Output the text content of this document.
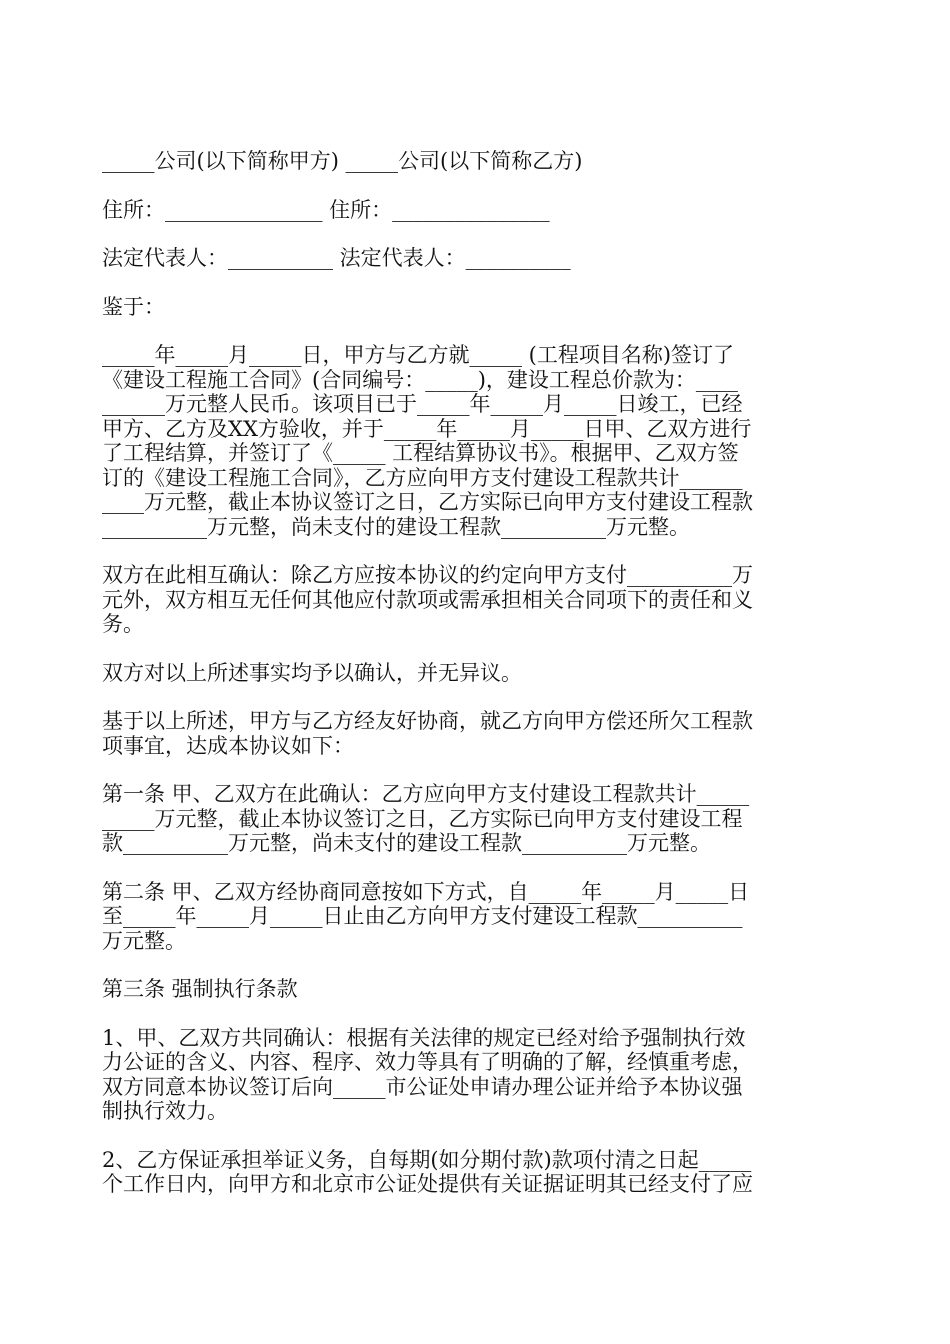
_____公司(以下简称甲方) _____公司(以下简称乙方)
住所：_______________ 住所：_______________
法定代表人：__________ 法定代表人：__________
鉴于：
_____年_____月_____日，甲方与乙方就_____ (工程项目名称)签订了
《建设工程施工合同》(合同编号：_____)，建设工程总价款为：____
______万元整人民币。该项目已于_____年_____月_____日竣工，已经
甲方、乙方及XX方验收，并于_____年_____月_____日甲、乙双方进行
了工程结算，并签订了《_____ 工程结算协议书》。根据甲、乙双方签
订的《建设工程施工合同》，乙方应向甲方支付建设工程款共计______
____万元整，截止本协议签订之日，乙方实际已向甲方支付建设工程款
__________万元整，尚未支付的建设工程款__________万元整。
双方在此相互确认：除乙方应按本协议的约定向甲方支付__________万
元外，双方相互无任何其他应付款项或需承担相关合同项下的责任和义
务。
双方对以上所述事实均予以确认，并无异议。
基于以上所述，甲方与乙方经友好协商，就乙方向甲方偿还所欠工程款
项事宜，达成本协议如下：
第一条 甲、乙双方在此确认：乙方应向甲方支付建设工程款共计_____
_____万元整，截止本协议签订之日，乙方实际已向甲方支付建设工程
款__________万元整，尚未支付的建设工程款__________万元整。
第二条 甲、乙双方经协商同意按如下方式，自_____年_____月_____日
至_____年_____月_____日止由乙方向甲方支付建设工程款__________
万元整。
第三条 强制执行条款
1、甲、乙双方共同确认：根据有关法律的规定已经对给予强制执行效
力公证的含义、内容、程序、效力等具有了明确的了解，经慎重考虑，
双方同意本协议签订后向_____市公证处申请办理公证并给予本协议强
制执行效力。
2、乙方保证承担举证义务，自每期(如分期付款)款项付清之日起_____
个工作日内，向甲方和北京市公证处提供有关证据证明其已经支付了应
